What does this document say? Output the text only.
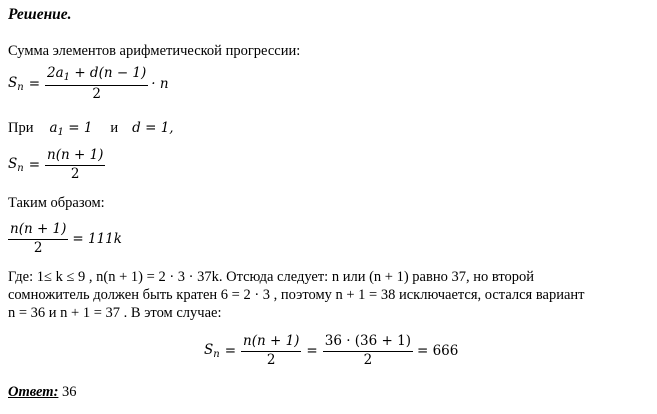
Решение.
Сумма элементов арифметической прогрессии:
$S_n = \frac{2a_1 + d(n - 1)}{2} \cdot n$
При $a_1 = 1$ и d = 1,
$S_n = \frac{n(n + 1)}{2}$
Таким образом:
$\frac{n(n + 1)}{2} = 111k$
Где: 1≤ k ≤ 9 , n(n + 1) = 2 · 3 · 37k. Отсюда следует: n или (n + 1) равно 37, но второй
сомножитель должен быть кратен 6 = 2 · 3 , поэтому n + 1 = 38 исключается, остался вариант
n = 36 и n + 1 = 37 . В этом случае:
$S_n = \frac{n(n + 1)}{2} = \frac{36 \cdot (36 + 1)}{2} = 666$
Ответ: 36
